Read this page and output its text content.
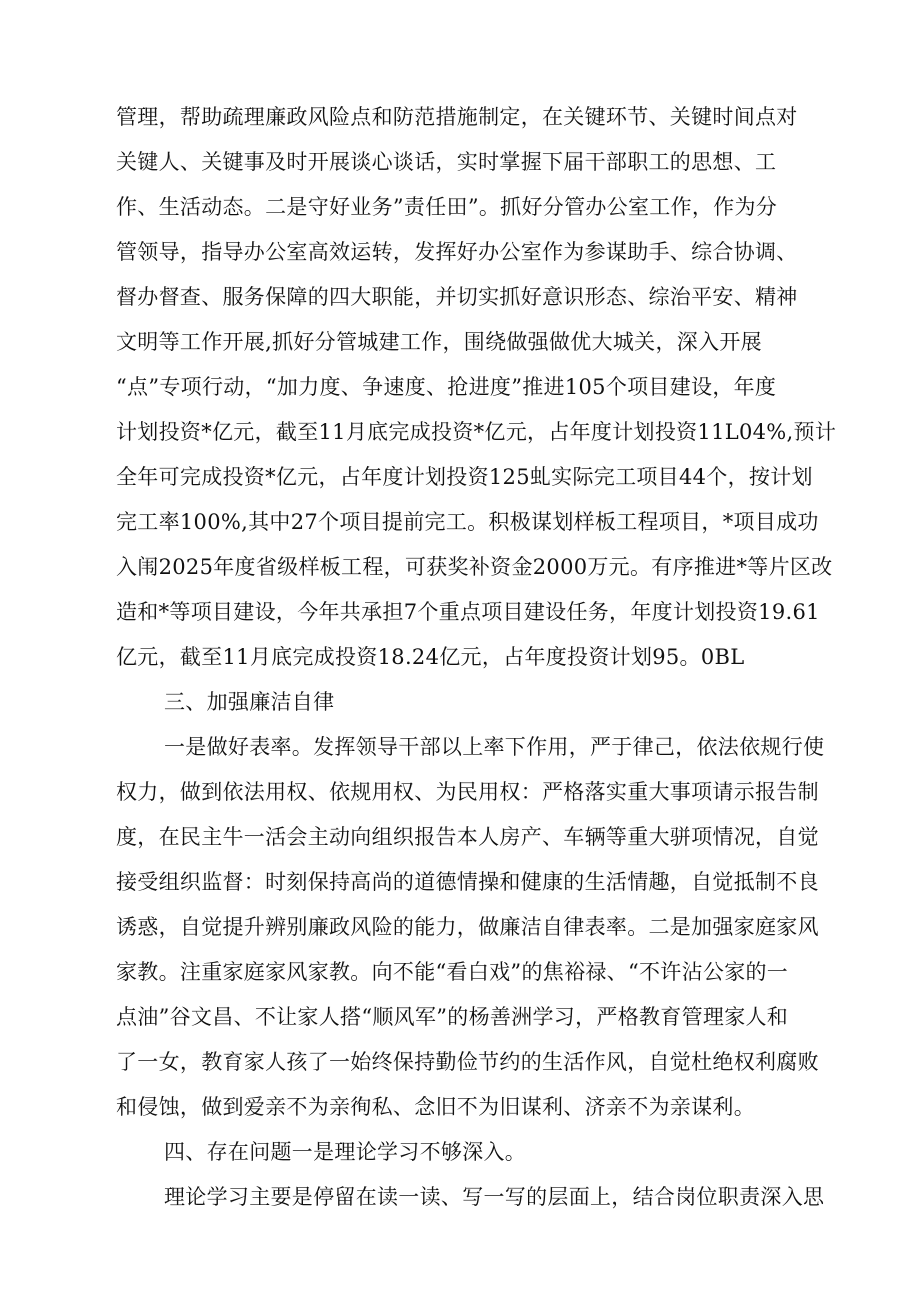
管理，帮助疏理廉政风险点和防范措施制定，在关键环节、关键时间点对
关键人、关键事及时开展谈心谈话，实时掌握下届干部职工的思想、工
作、生活动态。二是守好业务”责任田”。抓好分管办公室工作，作为分
管领导，指导办公室高效运转，发挥好办公室作为参谋助手、综合协调、
督办督查、服务保障的四大职能，并切实抓好意识形态、综治平安、精神
文明等工作开展,抓好分管城建工作，围绕做强做优大城关，深入开展
“点”专项行动，“加力度、争速度、抢进度”推进105个项目建设，年度
计划投资*亿元，截至11月底完成投资*亿元，占年度计划投资11L04%,预计
全年可完成投资*亿元，占年度计划投资125虬实际完工项目44个，按计划
完工率100%,其中27个项目提前完工。积极谋划样板工程项目，*项目成功
入闱2025年度省级样板工程，可获奖补资金2000万元。有序推进*等片区改
造和*等项目建设，今年共承担7个重点项目建设任务，年度计划投资19.61
亿元，截至11月底完成投资18.24亿元，占年度投资计划95。0BL
三、加强廉洁自律
一是做好表率。发挥领导干部以上率下作用，严于律己，依法依规行使
权力，做到依法用权、依规用权、为民用权：严格落实重大事项请示报告制
度，在民主牛一活会主动向组织报告本人房产、车辆等重大骈项情况，自觉
接受组织监督：时刻保持高尚的道德情操和健康的生活情趣，自觉抵制不良
诱惑，自觉提升辨别廉政风险的能力，做廉洁自律表率。二是加强家庭家风
家教。注重家庭家风家教。向不能“看白戏”的焦裕禄、“不许沾公家的一
点油”谷文昌、不让家人搭“顺风军”的杨善洲学习，严格教育管理家人和
了一女，教育家人孩了一始终保持勤俭节约的生活作风，自觉杜绝权利腐败
和侵蚀，做到爱亲不为亲徇私、念旧不为旧谋利、济亲不为亲谋利。
四、存在问题一是理论学习不够深入。
理论学习主要是停留在读一读、写一写的层面上，结合岗位职责深入思
